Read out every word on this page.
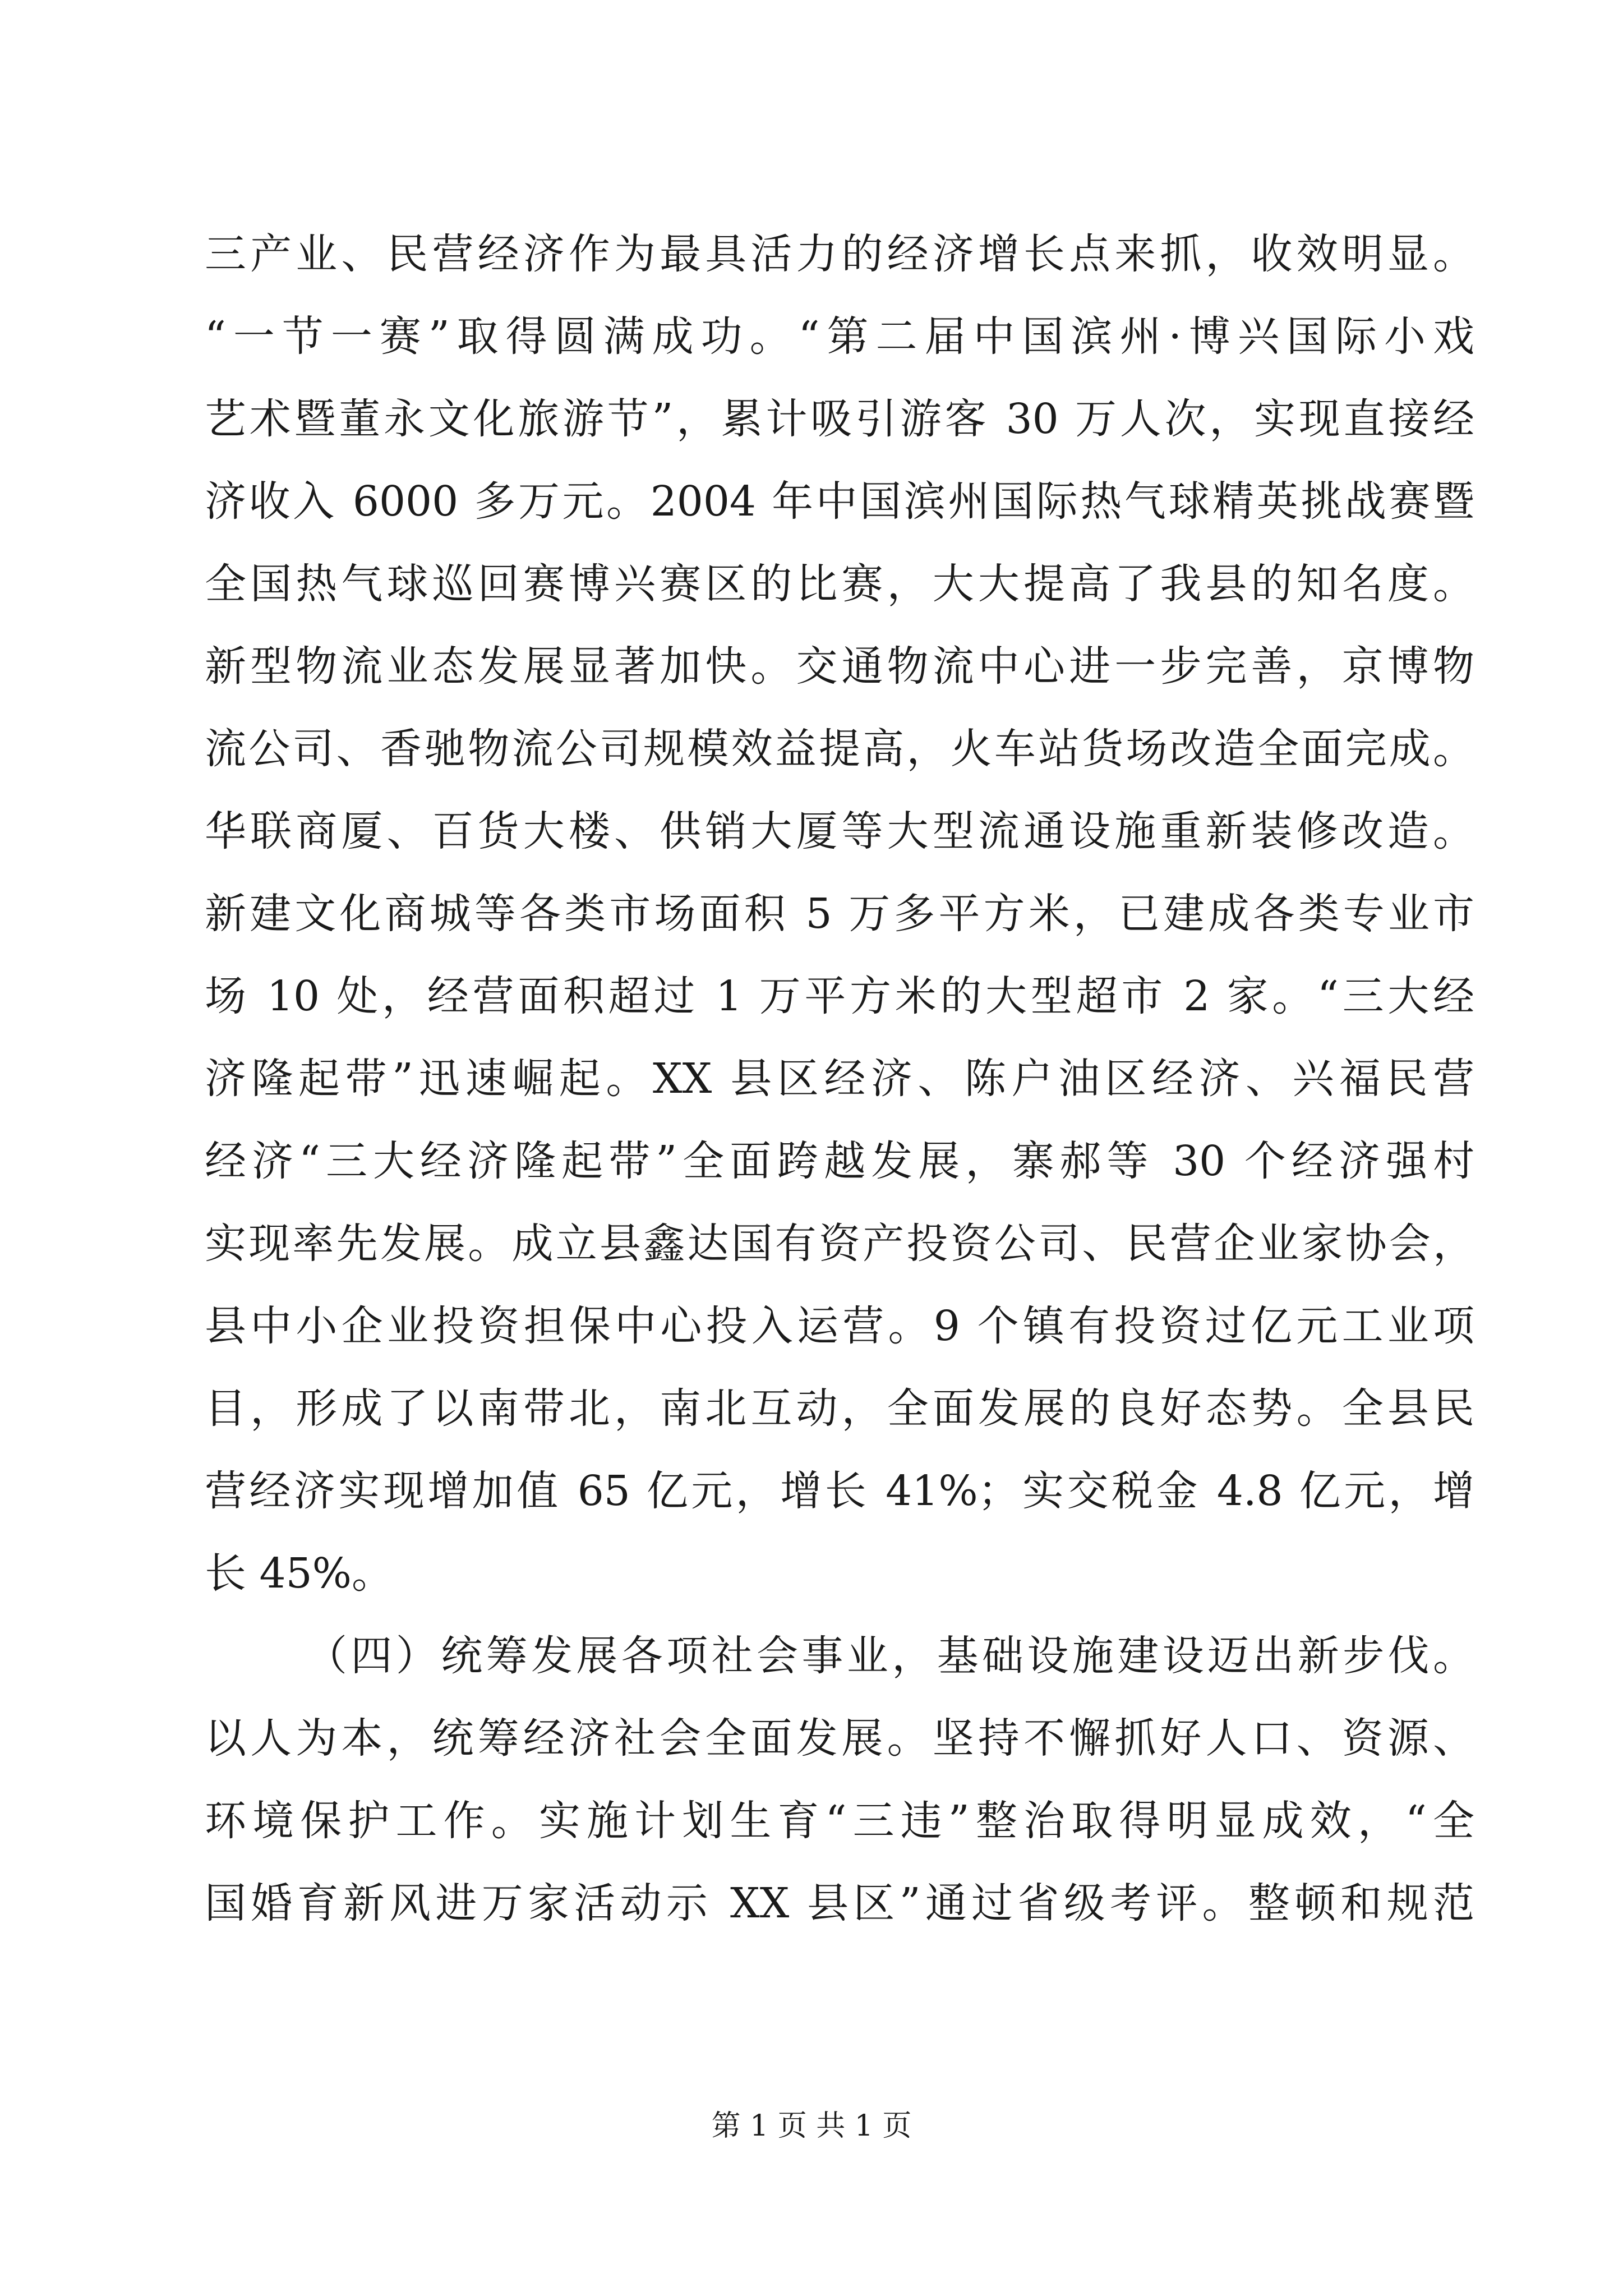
三产业、民营经济作为最具活力的经济增长点来抓，收效明显。
“一节一赛”取得圆满成功。“第二届中国滨州·博兴国际小戏
艺术暨董永文化旅游节”，累计吸引游客 30 万人次，实现直接经
济收入 6000 多万元。2004 年中国滨州国际热气球精英挑战赛暨
全国热气球巡回赛博兴赛区的比赛，大大提高了我县的知名度。
新型物流业态发展显著加快。交通物流中心进一步完善，京博物
流公司、香驰物流公司规模效益提高，火车站货场改造全面完成。
华联商厦、百货大楼、供销大厦等大型流通设施重新装修改造。
新建文化商城等各类市场面积 5 万多平方米，已建成各类专业市
场 10 处，经营面积超过 1 万平方米的大型超市 2 家。“三大经
济隆起带”迅速崛起。XX 县区经济、陈户油区经济、兴福民营
经济“三大经济隆起带”全面跨越发展，寨郝等 30 个经济强村
实现率先发展。成立县鑫达国有资产投资公司、民营企业家协会，
县中小企业投资担保中心投入运营。9 个镇有投资过亿元工业项
目，形成了以南带北，南北互动，全面发展的良好态势。全县民
营经济实现增加值 65 亿元，增长 41%；实交税金 4.8 亿元，增
长 45%。
（四）统筹发展各项社会事业，基础设施建设迈出新步伐。
以人为本，统筹经济社会全面发展。坚持不懈抓好人口、资源、
环境保护工作。实施计划生育“三违”整治取得明显成效，“全
国婚育新风进万家活动示 XX 县区”通过省级考评。整顿和规范
第 1 页 共 1 页
